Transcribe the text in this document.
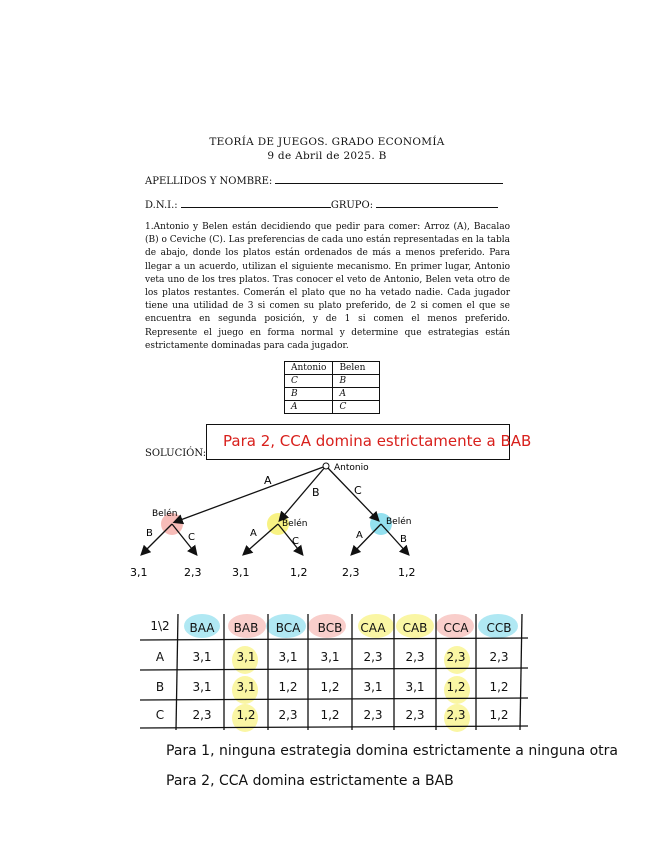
TEORÍA DE JUEGOS. GRADO ECONOMÍA
9 de Abril de 2025. B
APELLIDOS Y NOMBRE:
D.N.I.:	GRUPO:
1.Antonio y Belen están decidiendo que pedir para comer: Arroz (A), Bacalao (B) o Ceviche (C). Las preferencias de cada uno están representadas en la tabla de abajo, donde los platos están ordenados de más a menos preferido. Para llegar a un acuerdo, utilizan el siguiente mecanismo. En primer lugar, Antonio veta uno de los tres platos. Tras conocer el veto de Antonio, Belen veta otro de los platos restantes. Comerán el plato que no ha vetado nadie. Cada jugador tiene una utilidad de 3 si comen su plato preferido, de 2 si comen el que se encuentra en segunda posición, y de 1 si comen el menos preferido. Represente el juego en forma normal y determine que estrategias están estrictamente dominadas para cada jugador.
Antonio	Belen
C	B
B	A
A	C
SOLUCIÓN:
Para 2, CCA domina estrictamente a BAB
Antonio
A
B	C
Belén
Belén	Belén
B	C	A
C
A	B
3,1	2,3	3,1	1,2	2,3	1,2
1\2	BAA	BAB	BCA	BCB	CAA	CAB	CCA	CCB
A	3,1	3,1	3,1	3,1	2,3	2,3	2,3	2,3
B	3,1	3,1	1,2	1,2	3,1	3,1	1,2	1,2
C	2,3	1,2	2,3	1,2	2,3	2,3	2,3	1,2
Para 1, ninguna estrategia domina estrictamente a ninguna otra
Para 2, CCA domina estrictamente a BAB
